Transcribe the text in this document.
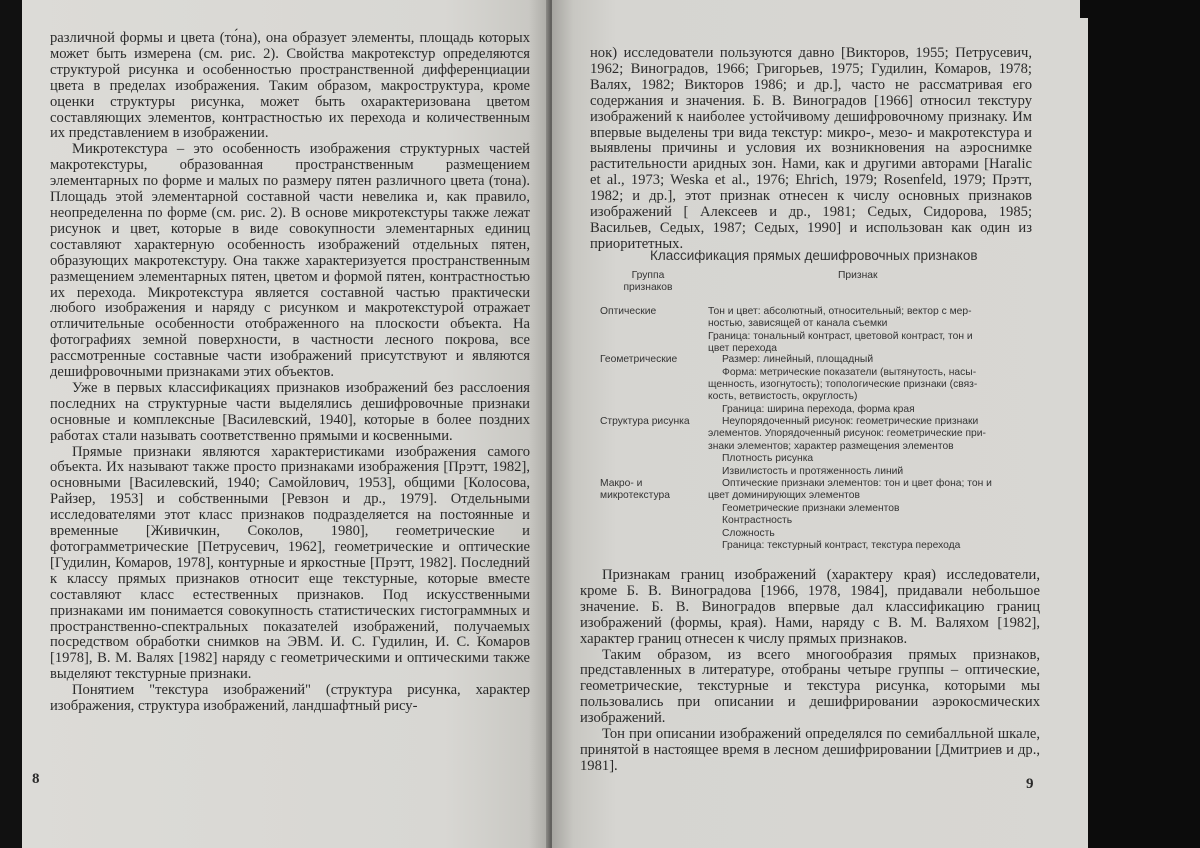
различной формы и цвета (то́на), она образует элементы, площадь которых может быть измерена (см. рис. 2). Свойства макротекстур определяются структурой рисунка и особенностью пространственной дифференциации цвета в пределах изображения. Таким образом, макроструктура, кроме оценки структуры рисунка, может быть охарактеризована цветом составляющих элементов, контрастностью их перехода и количественным их представлением в изображении.

Микротекстура – это особенность изображения структурных частей макротекстуры, образованная пространственным размещением элементарных по форме и малых по размеру пятен различного цвета (тона). Площадь этой элементарной составной части невелика и, как правило, неопределенна по форме (см. рис. 2). В основе микротекстуры также лежат рисунок и цвет, которые в виде совокупности элементарных единиц составляют характерную особенность изображений отдельных пятен, образующих макротекстуру. Она также характеризуется пространственным размещением элементарных пятен, цветом и формой пятен, контрастностью их перехода. Микротекстура является составной частью практически любого изображения и наряду с рисунком и макротекстурой отражает отличительные особенности отображенного на плоскости объекта. На фотографиях земной поверхности, в частности лесного покрова, все рассмотренные составные части изображений присутствуют и являются дешифровочными признаками этих объектов.

Уже в первых классификациях признаков изображений без расслоения последних на структурные части выделялись дешифровочные признаки основные и комплексные [Василевский, 1940], которые в более поздних работах стали называть соответственно прямыми и косвенными.

Прямые признаки являются характеристиками изображения самого объекта. Их называют также просто признаками изображения [Прэтт, 1982], основными [Василевский, 1940; Самойлович, 1953], общими [Колосова, Райзер, 1953] и собственными [Ревзон и др., 1979]. Отдельными исследователями этот класс признаков подразделяется на постоянные и временные [Живичкин, Соколов, 1980], геометрические и фотограмметрические [Петрусевич, 1962], геометрические и оптические [Гудилин, Комаров, 1978], контурные и яркостные [Прэтт, 1982]. Последний к классу прямых признаков относит еще текстурные, которые вместе составляют класс естественных признаков. Под искусственными признаками им понимается совокупность статистических гистограммных и пространственно-спектральных показателей изображений, получаемых посредством обработки снимков на ЭВМ. И. С. Гудилин, И. С. Комаров [1978], В. М. Валях [1982] наряду с геометрическими и оптическими также выделяют текстурные признаки.

Понятием "текстура изображений" (структура рисунка, характер изображения, структура изображений, ландшафтный рису-

8

нок) исследователи пользуются давно [Викторов, 1955; Петрусевич, 1962; Виноградов, 1966; Григорьев, 1975; Гудилин, Комаров, 1978; Валях, 1982; Викторов 1986; и др.], часто не рассматривая его содержания и значения. Б. В. Виноградов [1966] относил текстуру изображений к наиболее устойчивому дешифровочному признаку. Им впервые выделены три вида текстур: микро-, мезо- и макротекстура и выявлены причины и условия их возникновения на аэроснимке растительности аридных зон. Нами, как и другими авторами [Haralic et al., 1973; Weska et al., 1976; Ehrich, 1979; Rosenfeld, 1979; Прэтт, 1982; и др.], этот признак отнесен к числу основных признаков изображений [ Алексеев и др., 1981; Седых, Сидорова, 1985; Васильев, Седых, 1987; Седых, 1990] и использован как один из приоритетных.

Классификация прямых дешифровочных признаков
Группа признаков
Признак
Оптические	Тон и цвет: абсолютный, относительный; вектор с мер-
ностью, зависящей от канала съемки
Граница: тональный контраст, цветовой контраст, тон и
цвет перехода
Геометрические	Размер: линейный, площадный
Форма: метрические показатели (вытянутость, насы-
щенность, изогнутость); топологические признаки (связ-
кость, ветвистость, округлость)
Граница: ширина перехода, форма края
Структура рисунка	Неупорядоченный рисунок: геометрические признаки
элементов. Упорядоченный рисунок: геометрические при-
знаки элементов; характер размещения элементов
Плотность рисунка
Извилистость и протяженность линий
Макро- и микротекстура
Оптические признаки элементов: тон и цвет фона; тон и
цвет доминирующих элементов
Геометрические признаки элементов
Контрастность
Сложность
Граница: текстурный контраст, текстура перехода

Признакам границ изображений (характеру края) исследователи, кроме Б. В. Виноградова [1966, 1978, 1984], придавали небольшое значение. Б. В. Виноградов впервые дал классификацию границ изображений (формы, края). Нами, наряду с В. М. Валяхом [1982], характер границ отнесен к числу прямых признаков.

Таким образом, из всего многообразия прямых признаков, представленных в литературе, отобраны четыре группы – оптические, геометрические, текстурные и текстура рисунка, которыми мы пользовались при описании и дешифрировании аэрокосмических изображений.

Тон при описании изображений определялся по семибалльной шкале, принятой в настоящее время в лесном дешифрировании [Дмитриев и др., 1981].

9
